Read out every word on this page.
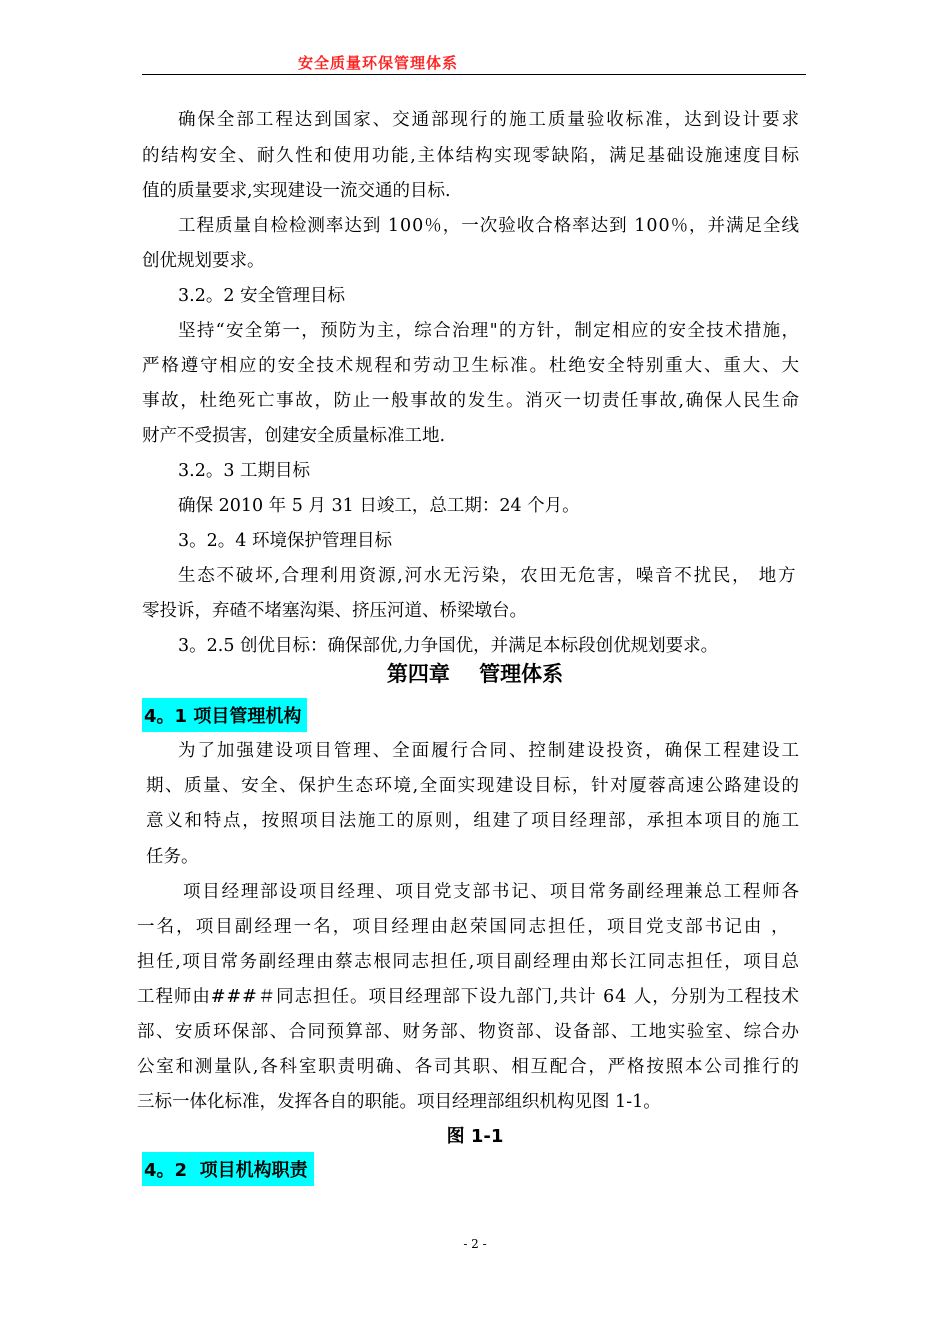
安全质量环保管理体系
确保全部工程达到国家、交通部现行的施工质量验收标准，达到设计要求
的结构安全、耐久性和使用功能,主体结构实现零缺陷，满足基础设施速度目标
值的质量要求,实现建设一流交通的目标.
工程质量自检检测率达到 100％，一次验收合格率达到 100％，并满足全线
创优规划要求。
3.2。2 安全管理目标
坚持“安全第一，预防为主，综合治理"的方针，制定相应的安全技术措施，
严格遵守相应的安全技术规程和劳动卫生标准。杜绝安全特别重大、重大、大
事故，杜绝死亡事故，防止一般事故的发生。消灭一切责任事故,确保人民生命
财产不受损害，创建安全质量标准工地.
3.2。3 工期目标
确保 2010 年 5 月 31 日竣工，总工期：24 个月。
3。2。4 环境保护管理目标
生态不破坏,合理利用资源,河水无污染，农田无危害，噪音不扰民， 地方
零投诉，弃碴不堵塞沟渠、挤压河道、桥梁墩台。
3。2.5 创优目标：确保部优,力争国优，并满足本标段创优规划要求。
为了加强建设项目管理、全面履行合同、控制建设投资，确保工程建设工
期、质量、安全、保护生态环境,全面实现建设目标，针对厦蓉高速公路建设的
意义和特点，按照项目法施工的原则，组建了项目经理部，承担本项目的施工
任务。
项目经理部设项目经理、项目党支部书记、项目常务副经理兼总工程师各
一名，项目副经理一名，项目经理由赵荣国同志担任，项目党支部书记由 ，
担任,项目常务副经理由蔡志根同志担任,项目副经理由郑长江同志担任，项目总
工程师由###＃同志担任。项目经理部下设九部门,共计 64 人，分别为工程技术
部、安质环保部、合同预算部、财务部、物资部、设备部、工地实验室、综合办
公室和测量队,各科室职责明确、各司其职、相互配合，严格按照本公司推行的
三标一体化标准，发挥各自的职能。项目经理部组织机构见图 1-1。
第四章    管理体系
4。1 项目管理机构
图 1-1
4。2  项目机构职责
- 2 -
